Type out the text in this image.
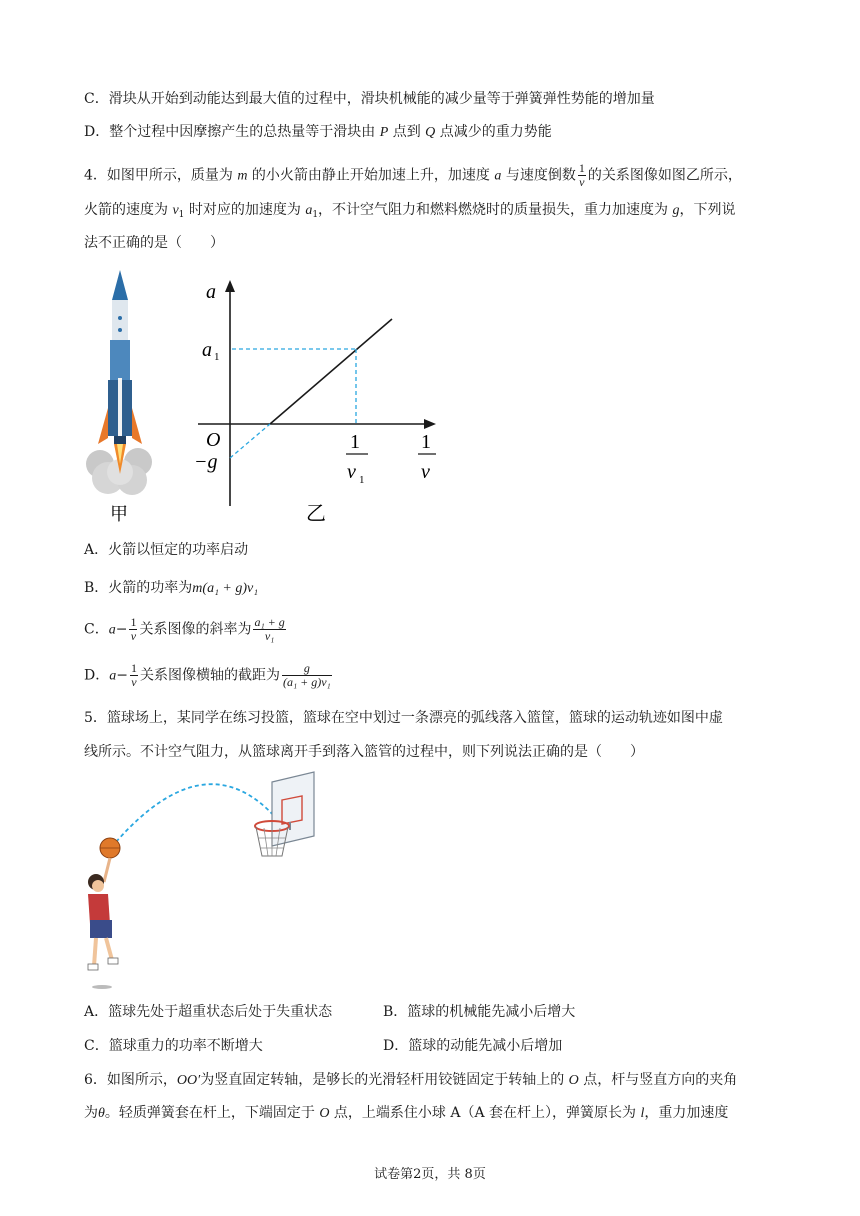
C．滑块从开始到动能达到最大值的过程中，滑块机械能的减少量等于弹簧弹性势能的增加量
D．整个过程中因摩擦产生的总热量等于滑块由 P 点到 Q 点减少的重力势能
4．如图甲所示，质量为 m 的小火箭由静止开始加速上升，加速度 a 与速度倒数 $\frac{1}{v}$ 的关系图像如图乙所示，
火箭的速度为 $v_1$ 时对应的加速度为 $a_1$，不计空气阻力和燃料燃烧时的质量损失，重力加速度为 g，下列说
法不正确的是（　　）
甲
a
a 1
O
−g
1
v 1
1
v
乙
A．火箭以恒定的功率启动
B．火箭的功率为m(a₁ + g)v₁
C．$a- \frac{1}{v}$ 关系图像的斜率为 $\frac{\text{a₁ + g}}{\text{v₁}}$
D．$a- \frac{1}{v}$ 关系图像横轴的截距为 $\frac{g}{\text{(a₁ + g)v₁}}$
5．篮球场上，某同学在练习投篮，篮球在空中划过一条漂亮的弧线落入篮筐，篮球的运动轨迹如图中虚
线所示。不计空气阻力，从篮球离开手到落入篮管的过程中，则下列说法正确的是（　　）
A．篮球先处于超重状态后处于失重状态	B．篮球的机械能先减小后增大
C．篮球重力的功率不断增大	D．篮球的动能先减小后增加
6．如图所示，OO′为竖直固定转轴，是够长的光滑轻杆用铰链固定于转轴上的 O 点，杆与竖直方向的夹角
为θ。轻质弹簧套在杆上，下端固定于 O 点，上端系住小球 A（A 套在杆上），弹簧原长为 l，重力加速度
试卷第2页，共 8页
